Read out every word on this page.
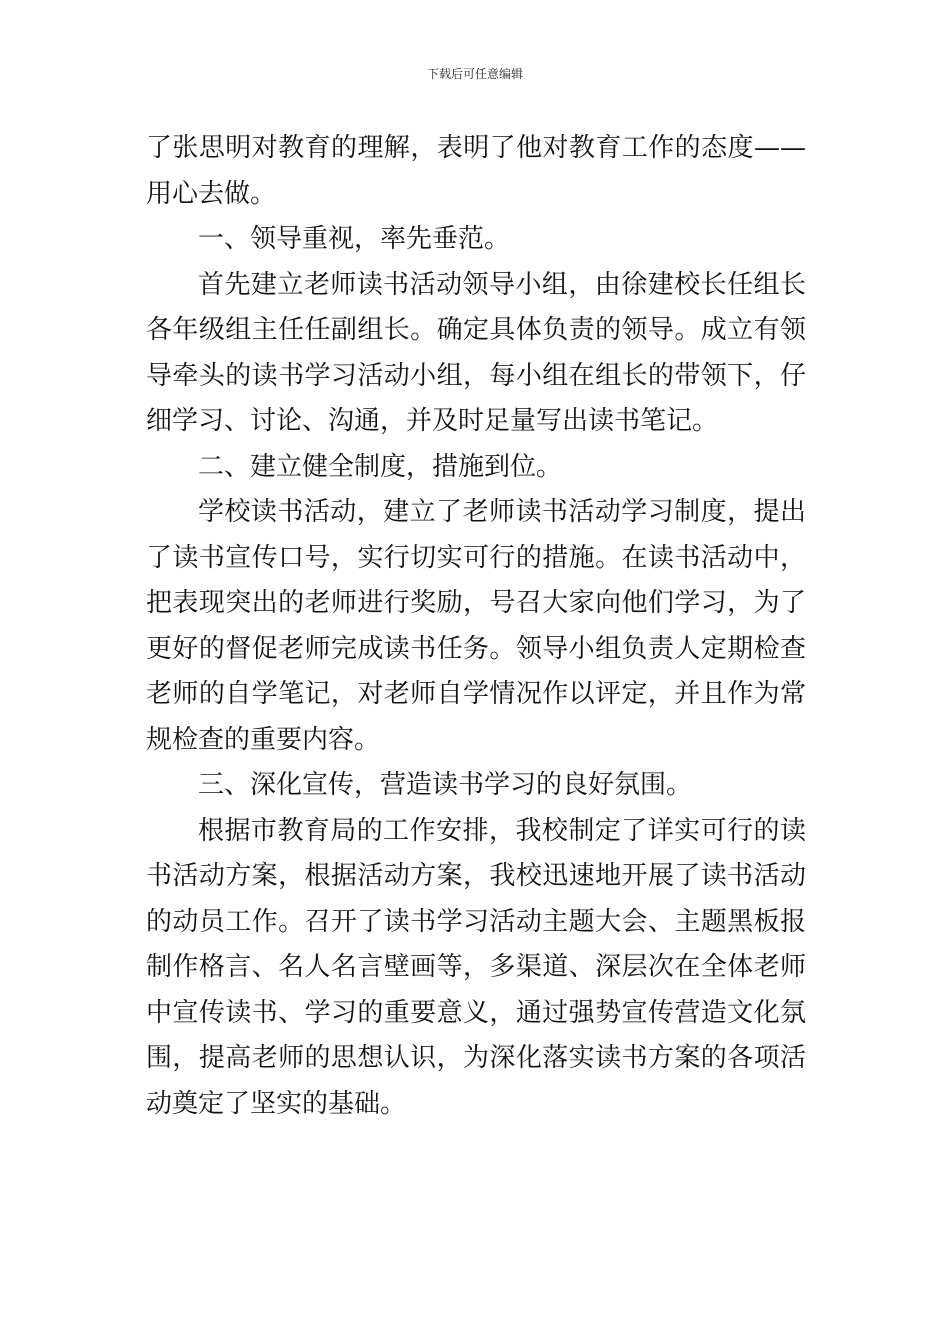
下载后可任意编辑

了张思明对教育的理解，表明了他对教育工作的态度——用心去做。

一、领导重视，率先垂范。

首先建立老师读书活动领导小组，由徐建校长任组长各年级组主任任副组长。确定具体负责的领导。成立有领导牵头的读书学习活动小组，每小组在组长的带领下，仔细学习、讨论、沟通，并及时足量写出读书笔记。

二、建立健全制度，措施到位。

学校读书活动，建立了老师读书活动学习制度，提出了读书宣传口号，实行切实可行的措施。在读书活动中，把表现突出的老师进行奖励，号召大家向他们学习，为了更好的督促老师完成读书任务。领导小组负责人定期检查老师的自学笔记，对老师自学情况作以评定，并且作为常规检查的重要内容。

三、深化宣传，营造读书学习的良好氛围。

根据市教育局的工作安排，我校制定了详实可行的读书活动方案，根据活动方案，我校迅速地开展了读书活动的动员工作。召开了读书学习活动主题大会、主题黑板报制作格言、名人名言壁画等，多渠道、深层次在全体老师中宣传读书、学习的重要意义，通过强势宣传营造文化氛围，提高老师的思想认识，为深化落实读书方案的各项活动奠定了坚实的基础。
